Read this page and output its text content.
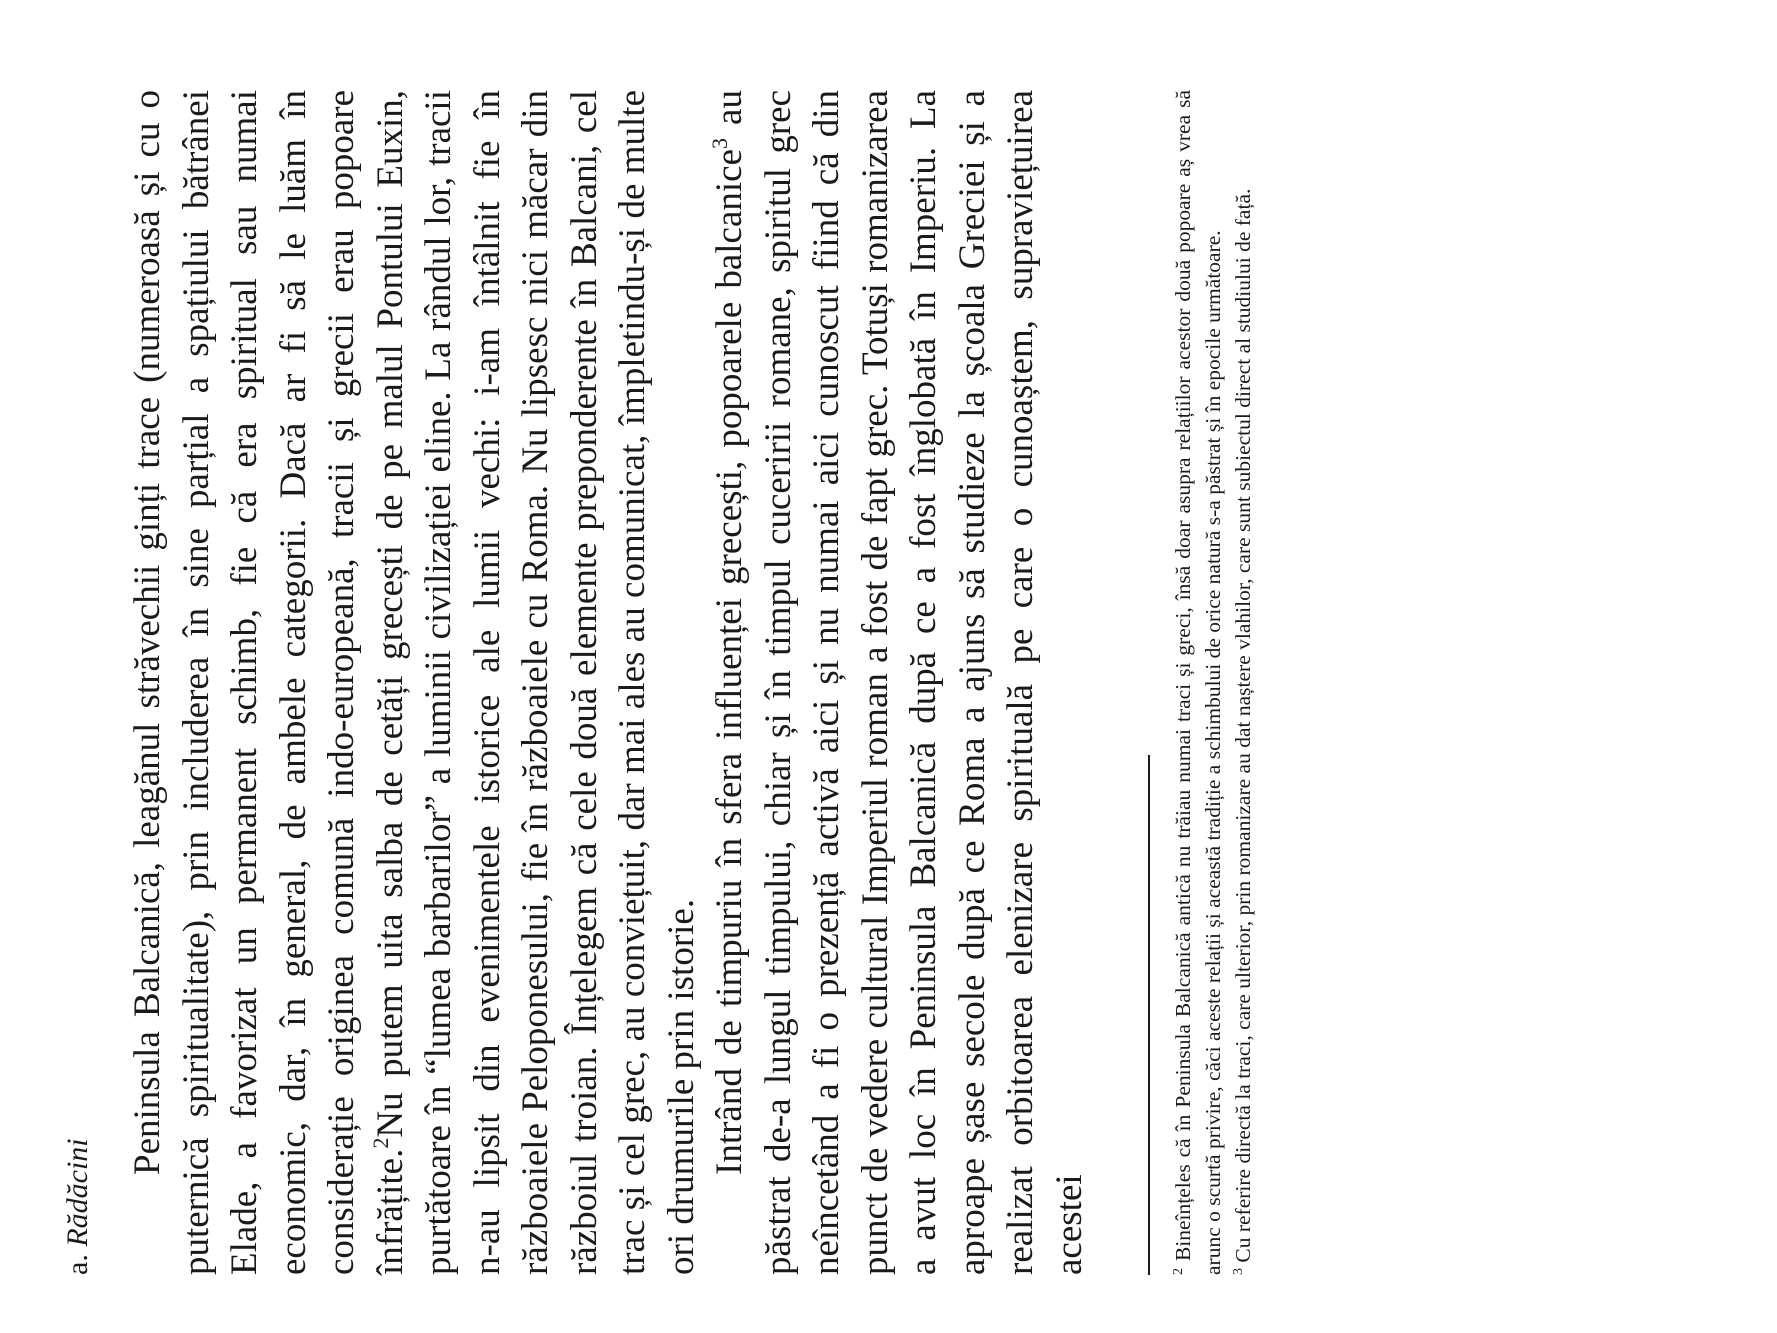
a. Rădăcini

Peninsula Balcanică, leagănul străvechii ginți trace (numeroasă și cu o puternică spiritualitate), prin includerea în sine parțial a spațiului bătrânei Elade, a favorizat un permanent schimb, fie că era spiritual sau numai economic, dar, în general, de ambele categorii. Dacă ar fi să le luăm în considerație originea comună indo-europeană, tracii și grecii erau popoare înfrățite.$^2$Nu putem uita salba de cetăți grecești de pe malul Pontului Euxin, purtătoare în “lumea barbarilor” a luminii civilizației eline. La rândul lor, tracii n-au lipsit din evenimentele istorice ale lumii vechi: i-am întâlnit fie în războaiele Peloponesului, fie în războaiele cu Roma. Nu lipsesc nici măcar din războiul troian. Înțelegem că cele două elemente preponderente în Balcani, cel trac și cel grec, au conviețuit, dar mai ales au comunicat, împletindu-și de multe ori drumurile prin istorie. Intrând de timpuriu în sfera influenței grecești, popoarele balcanice$^3$ au păstrat de-a lungul timpului, chiar și în timpul cuceririi romane, spiritul grec neîncetând a fi o prezență activă aici și nu numai aici cunoscut fiind că din punct de vedere cultural Imperiul roman a fost de fapt grec. Totuși romanizarea a avut loc în Peninsula Balcanică după ce a fost înglobată în Imperiu. La aproape șase secole după ce Roma a ajuns să studieze la școala Greciei și a realizat orbitoarea elenizare spirituală pe care o cunoaștem, supraviețuirea acestei	$^2$ Bineînțeles că în Peninsula Balcanică antică nu trăiau numai traci și greci, însă doar asupra relațiilor acestor două popoare aș vrea să arunc o scurtă privire, căci aceste relații și această tradiție a schimbului de orice natură s-a păstrat și în epocile următoare. $^3$ Cu referire directă la traci, care ulterior, prin romanizare au dat naștere vlahilor, care sunt subiectul direct al studiului de față.
